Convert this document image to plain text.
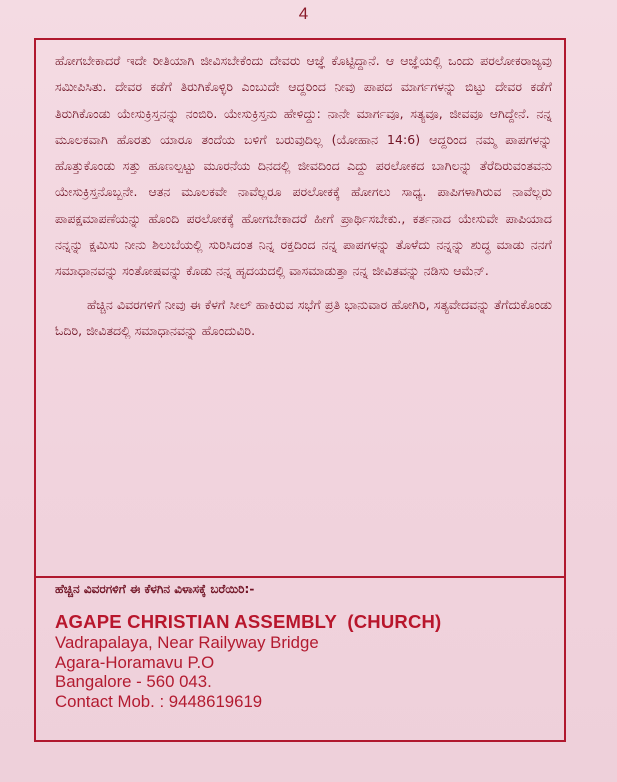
4

ಹೋಗಬೇಕಾದರೆ ಇದೇ ರೀತಿಯಾಗಿ ಜೀವಿಸಬೇಕೆಂದು ದೇವರು ಆಜ್ಞೆ ಕೊಟ್ಟಿದ್ದಾನೆ. ಆ ಆಜ್ಞೆಯಲ್ಲಿ ಒಂದು ಪರಲೋಕರಾಜ್ಯವು ಸಮೀಪಿಸಿತು. ದೇವರ ಕಡೆಗೆ ತಿರುಗಿಕೊಳ್ಳಿರಿ ಎಂಬುದೇ ಆದ್ದರಿಂದ ನೀವು ಪಾಪದ ಮಾರ್ಗಗಳನ್ನು ಬಿಟ್ಟು ದೇವರ ಕಡೆಗೆ ತಿರುಗಿಕೊಂಡು ಯೇಸುಕ್ರಿಸ್ತನನ್ನು ನಂಬಿರಿ. ಯೇಸುಕ್ರಿಸ್ತನು ಹೇಳಿದ್ದು: ನಾನೇ ಮಾರ್ಗವೂ, ಸತ್ಯವೂ, ಜೀವವೂ ಆಗಿದ್ದೇನೆ. ನನ್ನ ಮೂಲಕವಾಗಿ ಹೊರತು ಯಾರೂ ತಂದೆಯ ಬಳಿಗೆ ಬರುವುದಿಲ್ಲ (ಯೋಹಾನ 14:6) ಆದ್ದರಿಂದ ನಮ್ಮ ಪಾಪಗಳನ್ನು ಹೊತ್ತುಕೊಂಡು ಸತ್ತು ಹೂಣಲ್ಪಟ್ಟು ಮೂರನೆಯ ದಿನದಲ್ಲಿ ಜೀವದಿಂದ ಎದ್ದು ಪರಲೋಕದ ಬಾಗಿಲನ್ನು ತೆರೆದಿರುವಂತವನು ಯೇಸುಕ್ರಿಸ್ತನೊಬ್ಬನೇ. ಆತನ ಮೂಲಕವೇ ನಾವೆಲ್ಲರೂ ಪರಲೋಕಕ್ಕೆ ಹೋಗಲು ಸಾಧ್ಯ. ಪಾಪಿಗಳಾಗಿರುವ ನಾವೆಲ್ಲರು ಪಾಪಕ್ಷಮಾಪಣೆಯನ್ನು ಹೊಂದಿ ಪರಲೋಕಕ್ಕೆ ಹೋಗಬೇಕಾದರೆ ಹೀಗೆ ಪ್ರಾರ್ಥಿಸಬೇಕು., ಕರ್ತನಾದ ಯೇಸುವೇ ಪಾಪಿಯಾದ ನನ್ನನ್ನು ಕ್ಷಮಿಸು ನೀನು ಶಿಲುಬೆಯಲ್ಲಿ ಸುರಿಸಿದಂತ ನಿನ್ನ ರಕ್ತದಿಂದ ನನ್ನ ಪಾಪಗಳನ್ನು ತೊಳೆದು ನನ್ನನ್ನು ಶುದ್ಧ ಮಾಡು ನನಗೆ ಸಮಾಧಾನವನ್ನು ಸಂತೋಷವನ್ನು ಕೊಡು ನನ್ನ ಹೃದಯದಲ್ಲಿ ವಾಸಮಾಡುತ್ತಾ ನನ್ನ ಜೀವಿತವನ್ನು ನಡಿಸು ಆಮೆನ್.

ಹೆಚ್ಚಿನ ವಿವರಗಳಿಗೆ ನೀವು ಈ ಕೆಳಗೆ ಸೀಲ್ ಹಾಕಿರುವ ಸಭೆಗೆ ಪ್ರತಿ ಭಾನುವಾರ ಹೋಗಿರಿ, ಸತ್ಯವೇದವನ್ನು ತೆಗೆದುಕೊಂಡು ಓದಿರಿ, ಜೀವಿತದಲ್ಲಿ ಸಮಾಧಾನವನ್ನು ಹೊಂದುವಿರಿ.

ಹೆಚ್ಚಿನ ವಿವರಗಳಿಗೆ ಈ ಕೆಳಗಿನ ವಿಳಾಸಕ್ಕೆ ಬರೆಯಿರಿ:-

AGAPE CHRISTIAN ASSEMBLY  (CHURCH)

Vadrapalaya, Near Railyway Bridge

Agara-Horamavu P.O

Bangalore - 560 043.

Contact Mob. : 9448619619
